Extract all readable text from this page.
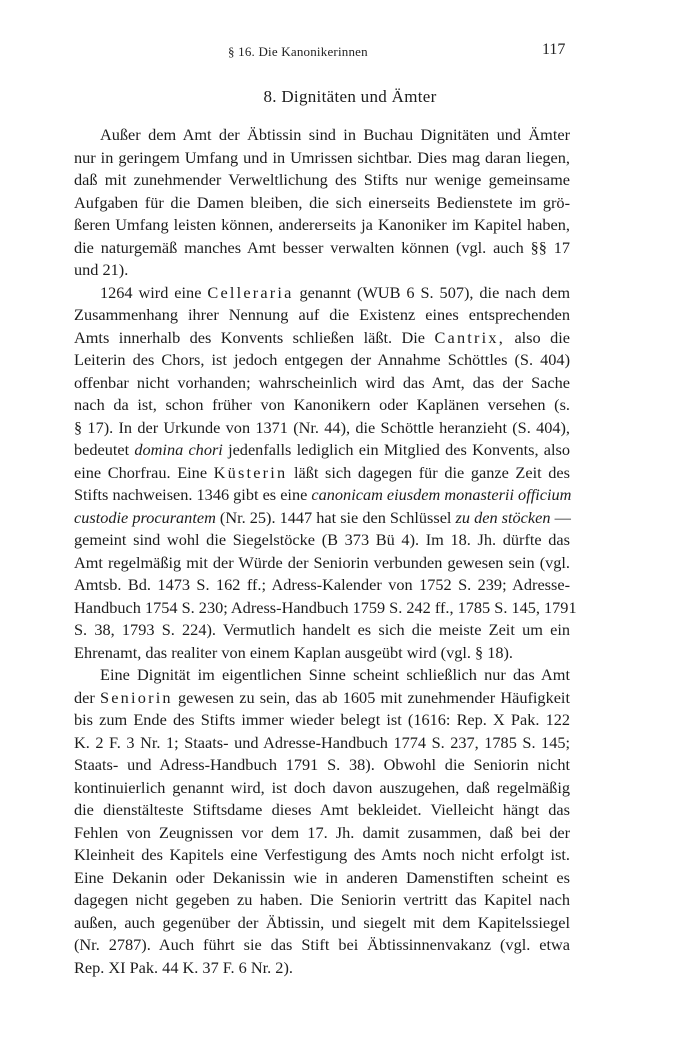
§ 16. Die Kanonikerinnen	117
8. Dignitäten und Ämter
Außer dem Amt der Äbtissin sind in Buchau Dignitäten und Ämter
nur in geringem Umfang und in Umrissen sichtbar. Dies mag daran liegen,
daß mit zunehmender Verweltlichung des Stifts nur wenige gemeinsame
Aufgaben für die Damen bleiben, die sich einerseits Bedienstete im grö-
ßeren Umfang leisten können, andererseits ja Kanoniker im Kapitel haben,
die naturgemäß manches Amt besser verwalten können (vgl. auch §§ 17
und 21).
1264 wird eine Celleraria genannt (WUB 6 S. 507), die nach dem
Zusammenhang ihrer Nennung auf die Existenz eines entsprechenden
Amts innerhalb des Konvents schließen läßt. Die Cantrix, also die
Leiterin des Chors, ist jedoch entgegen der Annahme Schöttles (S. 404)
offenbar nicht vorhanden; wahrscheinlich wird das Amt, das der Sache
nach da ist, schon früher von Kanonikern oder Kaplänen versehen (s.
§ 17). In der Urkunde von 1371 (Nr. 44), die Schöttle heranzieht (S. 404),
bedeutet domina chori jedenfalls lediglich ein Mitglied des Konvents, also
eine Chorfrau. Eine Küsterin läßt sich dagegen für die ganze Zeit des
Stifts nachweisen. 1346 gibt es eine canonicam eiusdem monasterii officium
custodie procurantem (Nr. 25). 1447 hat sie den Schlüssel zu den stöcken —
gemeint sind wohl die Siegelstöcke (B 373 Bü 4). Im 18. Jh. dürfte das
Amt regelmäßig mit der Würde der Seniorin verbunden gewesen sein (vgl.
Amtsb. Bd. 1473 S. 162 ff.; Adress-Kalender von 1752 S. 239; Adresse-
Handbuch 1754 S. 230; Adress-Handbuch 1759 S. 242 ff., 1785 S. 145, 1791
S. 38, 1793 S. 224). Vermutlich handelt es sich die meiste Zeit um ein
Ehrenamt, das realiter von einem Kaplan ausgeübt wird (vgl. § 18).
Eine Dignität im eigentlichen Sinne scheint schließlich nur das Amt
der Seniorin gewesen zu sein, das ab 1605 mit zunehmender Häufigkeit
bis zum Ende des Stifts immer wieder belegt ist (1616: Rep. X Pak. 122
K. 2 F. 3 Nr. 1; Staats- und Adresse-Handbuch 1774 S. 237, 1785 S. 145;
Staats- und Adress-Handbuch 1791 S. 38). Obwohl die Seniorin nicht
kontinuierlich genannt wird, ist doch davon auszugehen, daß regelmäßig
die dienstälteste Stiftsdame dieses Amt bekleidet. Vielleicht hängt das
Fehlen von Zeugnissen vor dem 17. Jh. damit zusammen, daß bei der
Kleinheit des Kapitels eine Verfestigung des Amts noch nicht erfolgt ist.
Eine Dekanin oder Dekanissin wie in anderen Damenstiften scheint es
dagegen nicht gegeben zu haben. Die Seniorin vertritt das Kapitel nach
außen, auch gegenüber der Äbtissin, und siegelt mit dem Kapitelssiegel
(Nr. 2787). Auch führt sie das Stift bei Äbtissinnenvakanz (vgl. etwa
Rep. XI Pak. 44 K. 37 F. 6 Nr. 2).
